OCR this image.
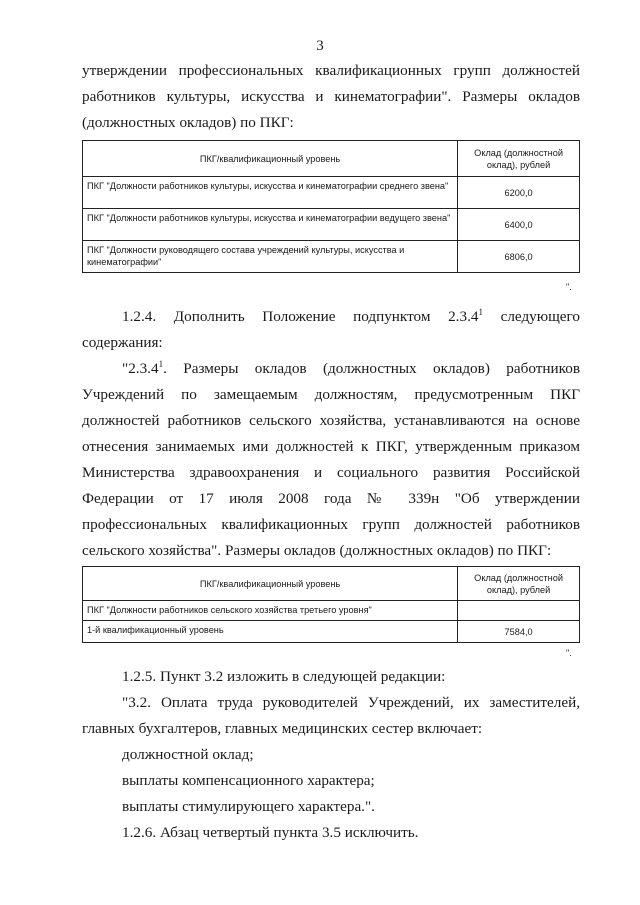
3

утверждении профессиональных квалификационных групп должностей

работников культуры, искусства и кинематографии". Размеры окладов

(должностных окладов) по ПКГ:

ПКГ/квалификационный уровень	Оклад (должностной оклад), рублей
ПКГ "Должности работников культуры, искусства и кинематографии среднего звена"	6200,0
ПКГ "Должности работников культуры, искусства и кинематографии ведущего звена"	6400,0
ПКГ "Должности руководящего состава учреждений культуры, искусства и кинематографии"	6806,0
".

1.2.4. Дополнить Положение подпунктом 2.3.4$^1$ следующего

содержания:

"2.3.4$^1$. Размеры окладов (должностных окладов) работников

Учреждений по замещаемым должностям, предусмотренным ПКГ

должностей работников сельского хозяйства, устанавливаются на основе

отнесения занимаемых ими должностей к ПКГ, утвержденным приказом

Министерства здравоохранения и социального развития Российской

Федерации от 17 июля 2008 года № 339н "Об утверждении

профессиональных квалификационных групп должностей работников

сельского хозяйства". Размеры окладов (должностных окладов) по ПКГ:

ПКГ/квалификационный уровень	Оклад (должностной оклад), рублей
ПКГ "Должности работников сельского хозяйства третьего уровня"	
1-й квалификационный уровень	7584,0
".

1.2.5. Пункт 3.2 изложить в следующей редакции:

"3.2. Оплата труда руководителей Учреждений, их заместителей,

главных бухгалтеров, главных медицинских сестер включает:

должностной оклад;

выплаты компенсационного характера;

выплаты стимулирующего характера.".

1.2.6. Абзац четвертый пункта 3.5 исключить.
